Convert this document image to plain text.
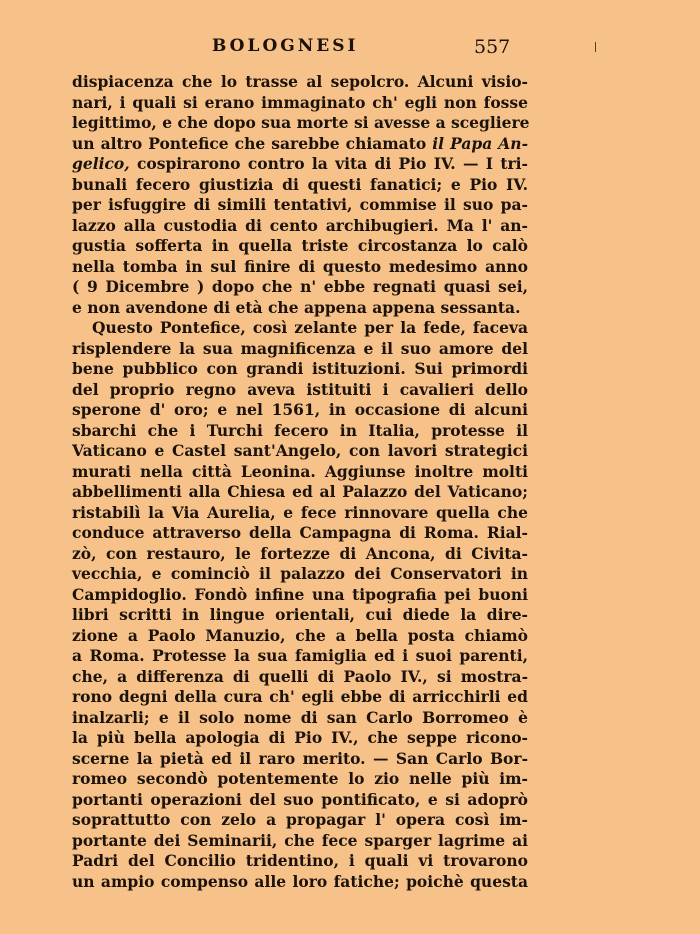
BOLOGNESI	557
dispiacenza che lo trasse al sepolcro. Alcuni visio-
nari, i quali si erano immaginato ch' egli non fosse
legittimo, e che dopo sua morte si avesse a scegliere
un altro Pontefice che sarebbe chiamato il Papa An-
gelico, cospirarono contro la vita di Pio IV. — I tri-
bunali fecero giustizia di questi fanatici; e Pio IV.
per isfuggire di simili tentativi, commise il suo pa-
lazzo alla custodia di cento archibugieri. Ma l' an-
gustia sofferta in quella triste circostanza lo calò
nella tomba in sul finire di questo medesimo anno
( 9 Dicembre ) dopo che n' ebbe regnati quasi sei,
e non avendone di età che appena appena sessanta.
Questo Pontefice, così zelante per la fede, faceva
risplendere la sua magnificenza e il suo amore del
bene pubblico con grandi istituzioni. Sui primordi
del proprio regno aveva istituiti i cavalieri dello
sperone d' oro; e nel 1561, in occasione di alcuni
sbarchi che i Turchi fecero in Italia, protesse il
Vaticano e Castel sant'Angelo, con lavori strategici
murati nella città Leonina. Aggiunse inoltre molti
abbellimenti alla Chiesa ed al Palazzo del Vaticano;
ristabilì la Via Aurelia, e fece rinnovare quella che
conduce attraverso della Campagna di Roma. Rial-
zò, con restauro, le fortezze di Ancona, di Civita-
vecchia, e cominciò il palazzo dei Conservatori in
Campidoglio. Fondò infine una tipografia pei buoni
libri scritti in lingue orientali, cui diede la dire-
zione a Paolo Manuzio, che a bella posta chiamò
a Roma. Protesse la sua famiglia ed i suoi parenti,
che, a differenza di quelli di Paolo IV., si mostra-
rono degni della cura ch' egli ebbe di arricchirli ed
inalzarli; e il solo nome di san Carlo Borromeo è
la più bella apologia di Pio IV., che seppe ricono-
scerne la pietà ed il raro merito. — San Carlo Bor-
romeo secondò potentemente lo zio nelle più im-
portanti operazioni del suo pontificato, e si adoprò
soprattutto con zelo a propagar l' opera così im-
portante dei Seminarii, che fece sparger lagrime ai
Padri del Concilio tridentino, i quali vi trovarono
un ampio compenso alle loro fatiche; poichè questa
